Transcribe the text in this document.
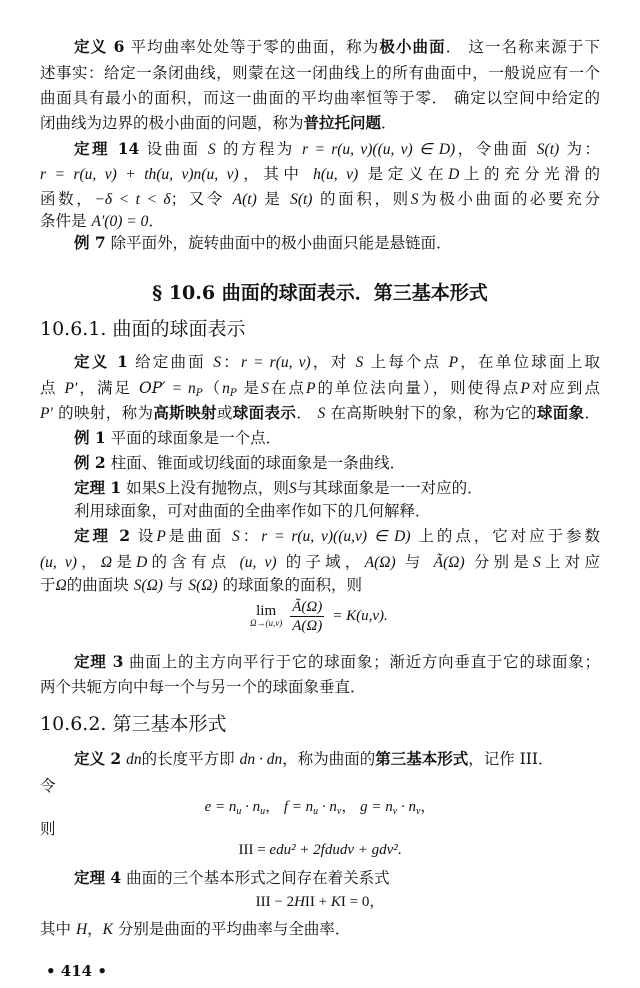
§ 10.6 曲面的球面表示．第三基本形式
10.6.1. 曲面的球面表示
10.6.2. 第三基本形式
lim
$\Omega\to(u,v) \frac{Ã(\Omega)}{A(\Omega)} = K(u,v)$.
• 414 •
定义 6 平均曲率处处等于零的曲面，称为极小曲面． 这一名称来源于下
述事实：给定一条闭曲线，则蒙在这一闭曲线上的所有曲面中，一般说应有一个
曲面具有最小的面积，而这一曲面的平均曲率恒等于零． 确定以空间中给定的
闭曲线为边界的极小曲面的问题，称为普拉托问题．
定理 14 设曲面 S 的方程为 r = r(u, v)((u, v) ∈ D)，令曲面 S(t) 为：
r = r(u, v) + th(u, v)n(u, v)，其中 h(u, v) 是定义在D上的充分光滑的
函数，−δ < t < δ；又令 A(t) 是 S(t) 的面积，则S为极小曲面的必要充分
条件是 A′(0) = 0．
例 7 除平面外，旋转曲面中的极小曲面只能是悬链面．
定义 1 给定曲面 S：r = r(u, v)，对 S 上每个点 P，在单位球面上取
点 P′，满足 → $OP' = n_P(n_P$ 是S在点P的单位法向量），则使得点P对应到点
P′ 的映射，称为高斯映射或球面表示． S 在高斯映射下的象，称为它的球面象．
例 1 平面的球面象是一个点．
例 2 柱面、锥面或切线面的球面象是一条曲线．
定理 1 如果S上没有抛物点，则S与其球面象是一一对应的．
利用球面象，可对曲面的全曲率作如下的几何解释．
定理 2 设P是曲面 S：r = r(u, v)((u,v) ∈ D) 上的点，它对应于参数
(u, v)，Ω是D的含有点 (u, v) 的子域，A(Ω) 与 Ã(Ω) 分别是S上对应
于Ω的曲面块 S(Ω) 与 S(Ω) 的球面象的面积，则
定理 3 曲面上的主方向平行于它的球面象；渐近方向垂直于它的球面象；
两个共轭方向中每一个与另一个的球面象垂直．
定义 2 dn的长度平方即 dn · dn，称为曲面的第三基本形式，记作 III．
令
则
定理 4 曲面的三个基本形式之间存在着关系式
其中 H，K 分别是曲面的平均曲率与全曲率．
$e = n_u \cdot n_u$， $f = n_u \cdot n_v$， $g = n_v \cdot n_v$，
III = edu² + 2fdudv + gdv².
III − 2HII + KI = 0，
